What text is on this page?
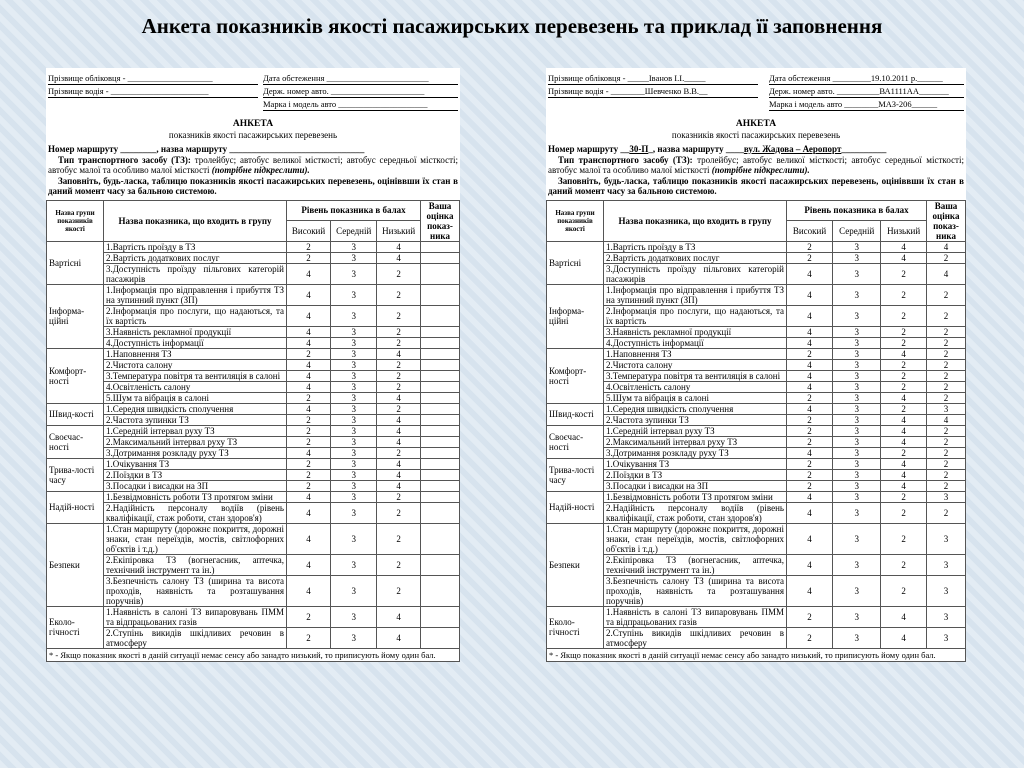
Анкета показників якості пасажирських перевезень та приклад її заповнення
Прізвище обліковця - ____________________
Прізвище водія - _______________________
Дата обстеження ________________________
Держ. номер авто. ______________________
Марка і модель авто _____________________
АНКЕТА
показників якості пасажирських перевезень
Номер маршруту ________, назва маршруту ______________________________
Тип транспортного засобу (ТЗ): тролейбус; автобус великої місткості; автобус середньої місткості; автобус малої та особливо малої місткості (потрібне підкреслити).
Заповніть, будь-ласка, таблицю показників якості пасажирських перевезень, оцініввши їх стан в даний момент часу за бальною системою.
Назва групи показників якості	Назва показника, що входить в групу	Рівень показника в балах			Ваша оцінка показ-ника
		Високий	Середній	Низький	
Вартісні	1.Вартість проїзду в ТЗ	2	3	4	
	2.Вартість додаткових послуг	2	3	4	
	3.Доступність проїзду пільгових категорій пасажирів	4	3	2	
Інформа-ційні	1.Інформація про відправлення і прибуття ТЗ на зупинний пункт (ЗП)	4	3	2	
	2.Інформація про послуги, що надаються, та їх вартість	4	3	2	
	3.Наявність рекламної продукції	4	3	2	
	4.Доступність інформації	4	3	2	
Комфорт-ності	1.Наповнення ТЗ	2	3	4	
	2.Чистота салону	4	3	2	
	3.Температура повітря та вентиляція в салоні	4	3	2	
	4.Освітленість салону	4	3	2	
	5.Шум та вібрація в салоні	2	3	4	
Швид-кості	1.Середня швидкість сполучення	4	3	2	
	2.Частота зупинки ТЗ	2	3	4	
Своєчас-ності	1.Середній інтервал руху ТЗ	2	3	4	
	2.Максимальний інтервал руху ТЗ	2	3	4	
	3.Дотримання розкладу руху ТЗ	4	3	2	
Трива-лості часу	1.Очікування ТЗ	2	3	4	
	2.Поїздки в ТЗ	2	3	4	
	3.Посадки і висадки на ЗП	2	3	4	
Надій-ності	1.Безвідмовність роботи ТЗ протягом зміни	4	3	2	
	2.Надійність персоналу водіїв (рівень кваліфікації, стаж роботи, стан здоров'я)	4	3	2	
Безпеки	1.Стан маршруту (дорожнє покриття, дорожні знаки, стан переїздів, мостів, світлофорних об'єктів і т.д.)	4	3	2	
	2.Екіпіровка ТЗ (вогнегасник, аптечка, технічний інструмент та ін.)	4	3	2	
	3.Безпечність салону ТЗ (ширина та висота проходів, наявність та розташування поручнів)	4	3	2	
Еколо-гічності	1.Наявність в салоні ТЗ випаровувань ПММ та відпрацьованих газів	2	3	4	
	2.Ступінь викидів шкідливих речовин в атмосферу	2	3	4	
* - Якщо показник якості в даній ситуації немає сенсу або занадто низький, то приписують йому один бал.
Прізвище обліковця - _____Іванов І.І._____
Прізвище водія - ________Шевченко В.В.__
Дата обстеження _________19.10.2011 р.______
Держ. номер авто. __________ВА1111АА_______
Марка і модель авто ________МАЗ-206______
АНКЕТА
показників якості пасажирських перевезень
Номер маршруту __30-П_, назва маршруту ____вул. Жадова – Аеропорт__________
Тип транспортного засобу (ТЗ): тролейбус; автобус великої місткості; автобус середньої місткості; автобус малої та особливо малої місткості (потрібне підкреслити).
Заповніть, будь-ласка, таблицю показників якості пасажирських перевезень, оцініввши їх стан в даний момент часу за бальною системою.
Назва групи показників якості	Назва показника, що входить в групу	Рівень показника в балах			Ваша оцінка показ-ника
		Високий	Середній	Низький	
Вартісні	1.Вартість проїзду в ТЗ	2	3	4	4
	2.Вартість додаткових послуг	2	3	4	2
	3.Доступність проїзду пільгових категорій пасажирів	4	3	2	4
Інформа-ційні	1.Інформація про відправлення і прибуття ТЗ на зупинний пункт (ЗП)	4	3	2	2
	2.Інформація про послуги, що надаються, та їх вартість	4	3	2	2
	3.Наявність рекламної продукції	4	3	2	2
	4.Доступність інформації	4	3	2	2
Комфорт-ності	1.Наповнення ТЗ	2	3	4	2
	2.Чистота салону	4	3	2	2
	3.Температура повітря та вентиляція в салоні	4	3	2	2
	4.Освітленість салону	4	3	2	2
	5.Шум та вібрація в салоні	2	3	4	2
Швид-кості	1.Середня швидкість сполучення	4	3	2	3
	2.Частота зупинки ТЗ	2	3	4	4
Своєчас-ності	1.Середній інтервал руху ТЗ	2	3	4	2
	2.Максимальний інтервал руху ТЗ	2	3	4	2
	3.Дотримання розкладу руху ТЗ	4	3	2	2
Трива-лості часу	1.Очікування ТЗ	2	3	4	2
	2.Поїздки в ТЗ	2	3	4	2
	3.Посадки і висадки на ЗП	2	3	4	2
Надій-ності	1.Безвідмовність роботи ТЗ протягом зміни	4	3	2	3
	2.Надійність персоналу водіїв (рівень кваліфікації, стаж роботи, стан здоров'я)	4	3	2	2
Безпеки	1.Стан маршруту (дорожнє покриття, дорожні знаки, стан переїздів, мостів, світлофорних об'єктів і т.д.)	4	3	2	3
	2.Екіпіровка ТЗ (вогнегасник, аптечка, технічний інструмент та ін.)	4	3	2	3
	3.Безпечність салону ТЗ (ширина та висота проходів, наявність та розташування поручнів)	4	3	2	3
Еколо-гічності	1.Наявність в салоні ТЗ випаровувань ПММ та відпрацьованих газів	2	3	4	3
	2.Ступінь викидів шкідливих речовин в атмосферу	2	3	4	3
* - Якщо показник якості в даній ситуації немає сенсу або занадто низький, то приписують йому один бал.
